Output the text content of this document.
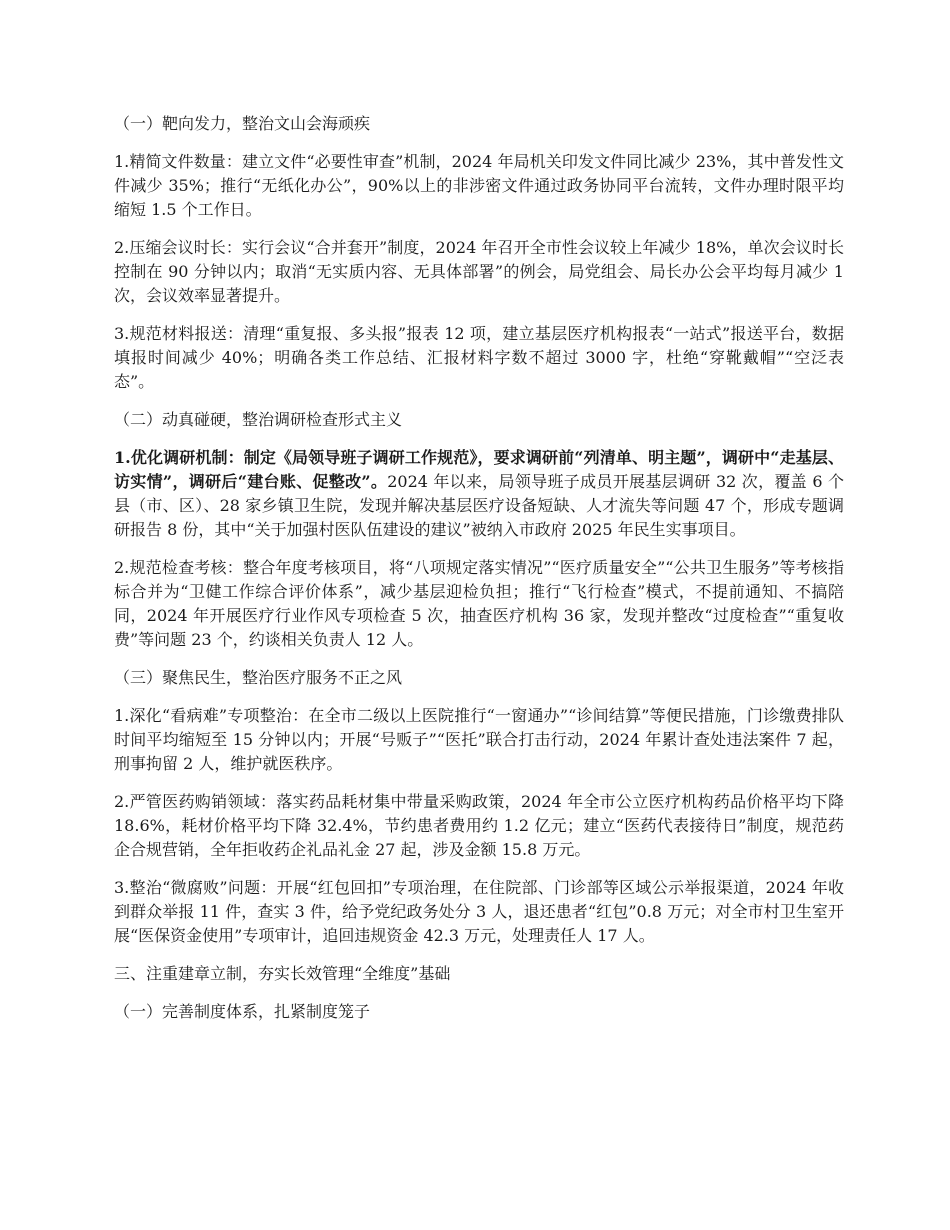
（一）靶向发力，整治文山会海顽疾
1.精简文件数量：建立文件“必要性审查”机制，2024 年局机关印发文件同比减少 23%，其中普发性文件减少 35%；推行“无纸化办公”，90%以上的非涉密文件通过政务协同平台流转，文件办理时限平均缩短 1.5 个工作日。
2.压缩会议时长：实行会议“合并套开”制度，2024 年召开全市性会议较上年减少 18%，单次会议时长控制在 90 分钟以内；取消“无实质内容、无具体部署”的例会，局党组会、局长办公会平均每月减少 1 次，会议效率显著提升。
3.规范材料报送：清理“重复报、多头报”报表 12 项，建立基层医疗机构报表“一站式”报送平台，数据填报时间减少 40%；明确各类工作总结、汇报材料字数不超过 3000 字，杜绝“穿靴戴帽”“空泛表态”。
（二）动真碰硬，整治调研检查形式主义
1.优化调研机制：制定《局领导班子调研工作规范》，要求调研前“列清单、明主题”，调研中“走基层、访实情”，调研后“建台账、促整改”。2024 年以来，局领导班子成员开展基层调研 32 次，覆盖 6 个县（市、区）、28 家乡镇卫生院，发现并解决基层医疗设备短缺、人才流失等问题 47 个，形成专题调研报告 8 份，其中“关于加强村医队伍建设的建议”被纳入市政府 2025 年民生实事项目。
2.规范检查考核：整合年度考核项目，将“八项规定落实情况”“医疗质量安全”“公共卫生服务”等考核指标合并为“卫健工作综合评价体系”，减少基层迎检负担；推行“飞行检查”模式，不提前通知、不搞陪同，2024 年开展医疗行业作风专项检查 5 次，抽查医疗机构 36 家，发现并整改“过度检查”“重复收费”等问题 23 个，约谈相关负责人 12 人。
（三）聚焦民生，整治医疗服务不正之风
1.深化“看病难”专项整治：在全市二级以上医院推行“一窗通办”“诊间结算”等便民措施，门诊缴费排队时间平均缩短至 15 分钟以内；开展“号贩子”“医托”联合打击行动，2024 年累计查处违法案件 7 起，刑事拘留 2 人，维护就医秩序。
2.严管医药购销领域：落实药品耗材集中带量采购政策，2024 年全市公立医疗机构药品价格平均下降 18.6%，耗材价格平均下降 32.4%，节约患者费用约 1.2 亿元；建立“医药代表接待日”制度，规范药企合规营销，全年拒收药企礼品礼金 27 起，涉及金额 15.8 万元。
3.整治“微腐败”问题：开展“红包回扣”专项治理，在住院部、门诊部等区域公示举报渠道，2024 年收到群众举报 11 件，查实 3 件，给予党纪政务处分 3 人，退还患者“红包”0.8 万元；对全市村卫生室开展“医保资金使用”专项审计，追回违规资金 42.3 万元，处理责任人 17 人。
三、注重建章立制，夯实长效管理“全维度”基础
（一）完善制度体系，扎紧制度笼子
